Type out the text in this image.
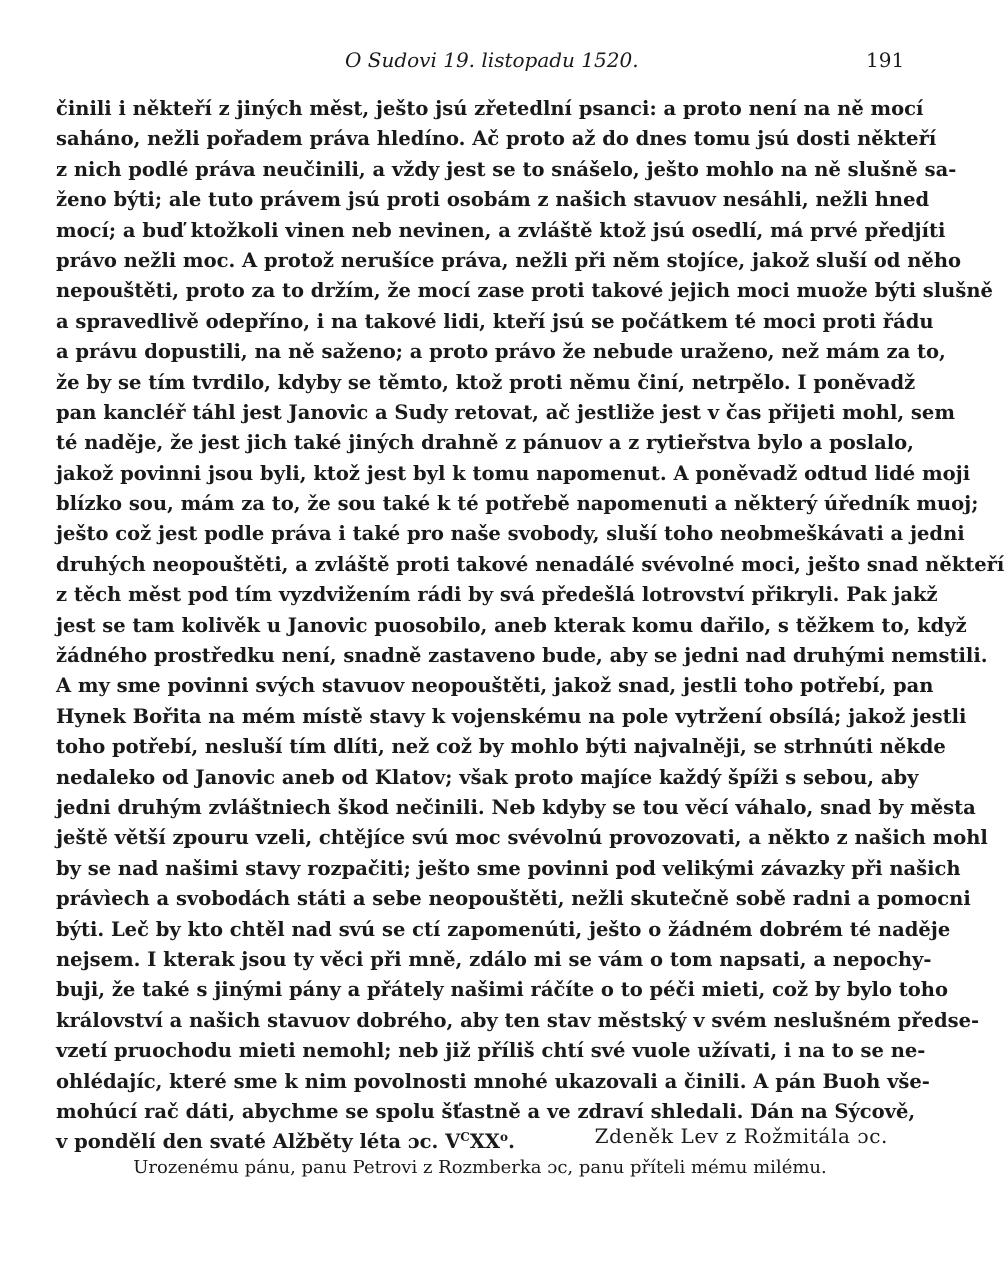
O Sudovi 19. listopadu 1520.	191
činili i někteří z jiných měst, ješto jsú zřetedlní psanci: a proto není na ně mocí
saháno, nežli pořadem práva hledíno. Ač proto až do dnes tomu jsú dosti někteří
z nich podlé práva neučinili, a vždy jest se to snášelo, ješto mohlo na ně slušně sa-
ženo býti; ale tuto právem jsú proti osobám z našich stavuov nesáhli, nežli hned
mocí; a buď ktožkoli vinen neb nevinen, a zvláště ktož jsú osedlí, má prvé předjíti
právo nežli moc. A protož nerušíce práva, nežli při něm stojíce, jakož sluší od něho
nepouštěti, proto za to držím, že mocí zase proti takové jejich moci muože býti slušně
a spravedlivě odepříno, i na takové lidi, kteří jsú se počátkem té moci proti řádu
a právu dopustili, na ně saženo; a proto právo že nebude uraženo, než mám za to,
že by se tím tvrdilo, kdyby se těmto, ktož proti němu činí, netrpělo. I poněvadž
pan kancléř táhl jest Janovic a Sudy retovat, ač jestliže jest v čas přijeti mohl, sem
té naděje, že jest jich také jiných drahně z pánuov a z rytieřstva bylo a poslalo,
jakož povinni jsou byli, ktož jest byl k tomu napomenut. A poněvadž odtud lidé moji
blízko sou, mám za to, že sou také k té potřebě napomenuti a některý úředník muoj;
ješto což jest podle práva i také pro naše svobody, sluší toho neobmeškávati a jedni
druhých neopouštěti, a zvláště proti takové nenadálé svévolné moci, ješto snad někteří
z těch měst pod tím vyzdvižením rádi by svá předešlá lotrovství přikryli. Pak jakž
jest se tam kolivěk u Janovic puosobilo, aneb kterak komu dařilo, s těžkem to, když
žádného prostředku není, snadně zastaveno bude, aby se jedni nad druhými nemstili.
A my sme povinni svých stavuov neopouštěti, jakož snad, jestli toho potřebí, pan
Hynek Bořita na mém místě stavy k vojenskému na pole vytržení obsílá; jakož jestli
toho potřebí, nesluší tím dlíti, než což by mohlo býti najvalněji, se strhnúti někde
nedaleko od Janovic aneb od Klatov; však proto majíce každý špíži s sebou, aby
jedni druhým zvláštniech škod nečinili. Neb kdyby se tou věcí váhalo, snad by města
ještě větší zpouru vzeli, chtějíce svú moc svévolnú provozovati, a někto z našich mohl
by se nad našimi stavy rozpačiti; ješto sme povinni pod velikými závazky při našich
právìech a svobodách státi a sebe neopouštěti, nežli skutečně sobě radni a pomocni
býti. Leč by kto chtěl nad svú se ctí zapomenúti, ješto o žádném dobrém té naděje
nejsem. I kterak jsou ty věci při mně, zdálo mi se vám o tom napsati, a nepochy-
buji, že také s jinými pány a přátely našimi ráčíte o to péči mieti, což by bylo toho
království a našich stavuov dobrého, aby ten stav městský v svém neslušném předse-
vzetí pruochodu mieti nemohl; neb již příliš chtí své vuole užívati, i na to se ne-
ohlédajíc, které sme k nim povolnosti mnohé ukazovali a činili. A pán Buoh vše-
mohúcí rač dáti, abychme se spolu šťastně a ve zdraví shledali. Dán na Sýcově,
v pondělí den svaté Alžběty léta ɔc. $V^CXX^o$.	Zdeněk Lev z Rožmitála ɔc.
Urozenému pánu, panu Petrovi z Rozmberka ɔc, panu příteli mému milému.
